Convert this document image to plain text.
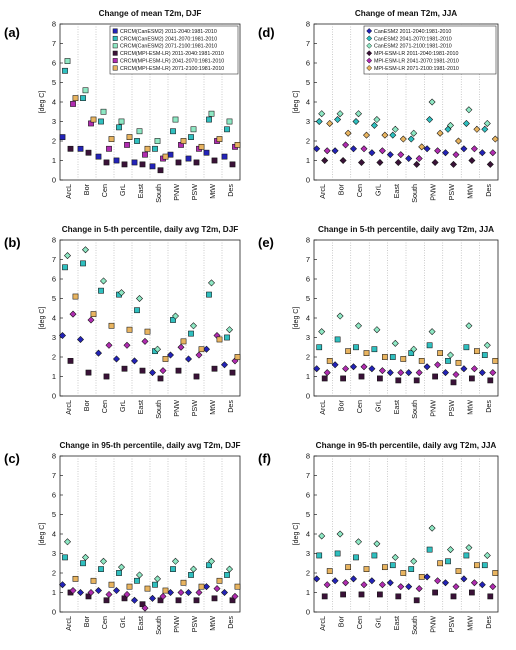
Change of mean T2m, DJF
(a)
0
1
2
3
4
5
6
7
8
[deg C]
ArcL Bor Cen GrL East South PNW PSW MtW Des
CRCM(CanESM2) 2011-2040:1981-2010
CRCM(CanESM2) 2041-2070:1981-2010
CRCM(CanESM2) 2071-2100:1981-2010
CRCM(MPI-ESM-LR) 2011-2040:1981-2010
CRCM(MPI-ESM-LR) 2041-2070:1981-2010
CRCM(MPI-ESM-LR) 2071-2100:1981-2010
Change of mean T2m, JJA
(d)
0
1
2
3
4
5
6
7
8
[deg C]
ArcL Bor Cen GrL East South PNW PSW MtW Des
CanESM2 2011-2040:1981-2010
CanESM2 2041-2070:1981-2010
CanESM2 2071-2100:1981-2010
MPI-ESM-LR 2011-2040:1981-2010
MPI-ESM-LR 2041-2070:1981-2010
MPI-ESM-LR 2071-2100:1981-2010
Change in 5-th percentile, daily avg T2m, DJF
(b)
0
1
2
3
4
5
6
7
8
[deg C]
ArcL Bor Cen GrL East South PNW PSW MtW Des
Change in 5-th percentile, daily avg T2m, JJA
(e)
0
1
2
3
4
5
6
7
8
[deg C]
ArcL Bor Cen GrL East South PNW PSW MtW Des
Change in 95-th percentile, daily avg T2m, DJF
(c)
0
1
2
3
4
5
6
7
8
[deg C]
ArcL Bor Cen GrL East South PNW PSW MtW Des
Change in 95-th percentile, daily avg T2m, JJA
(f)
0
1
2
3
4
5
6
7
8
[deg C]
ArcL Bor Cen GrL East South PNW PSW MtW Des
